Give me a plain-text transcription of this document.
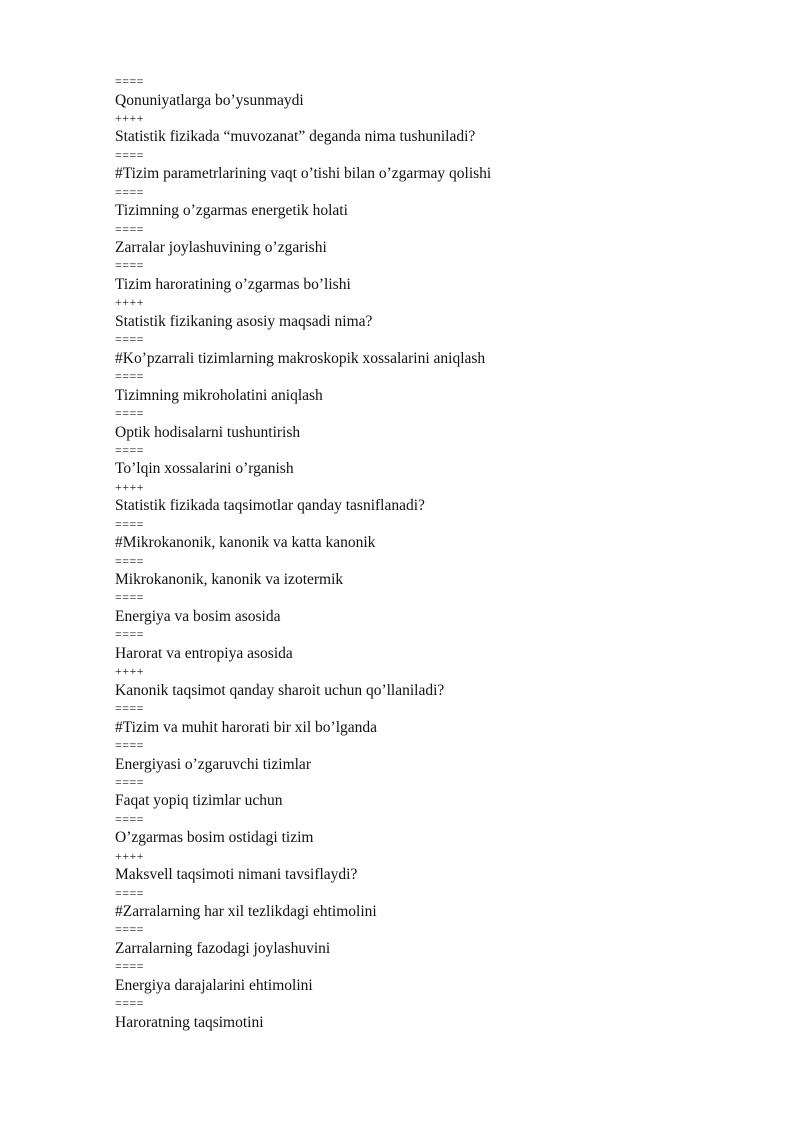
====

Qonuniyatlarga bo’ysunmaydi

++++

Statistik fizikada “muvozanat” deganda nima tushuniladi?

====

#Tizim parametrlarining vaqt o’tishi bilan o’zgarmay qolishi

====

Tizimning o’zgarmas energetik holati

====

Zarralar joylashuvining o’zgarishi

====

Tizim haroratining o’zgarmas bo’lishi

++++

Statistik fizikaning asosiy maqsadi nima?

====

#Ko’pzarrali tizimlarning makroskopik xossalarini aniqlash

====

Tizimning mikroholatini aniqlash

====

Optik hodisalarni tushuntirish

====

To’lqin xossalarini o’rganish

++++

Statistik fizikada taqsimotlar qanday tasniflanadi?

====

#Mikrokanonik, kanonik va katta kanonik

====

Mikrokanonik, kanonik va izotermik

====

Energiya va bosim asosida

====

Harorat va entropiya asosida

++++

Kanonik taqsimot qanday sharoit uchun qo’llaniladi?

====

#Tizim va muhit harorati bir xil bo’lganda

====

Energiyasi o’zgaruvchi tizimlar

====

Faqat yopiq tizimlar uchun

====

O’zgarmas bosim ostidagi tizim

++++

Maksvell taqsimoti nimani tavsiflaydi?

====

#Zarralarning har xil tezlikdagi ehtimolini

====

Zarralarning fazodagi joylashuvini

====

Energiya darajalarini ehtimolini

====

Haroratning taqsimotini
